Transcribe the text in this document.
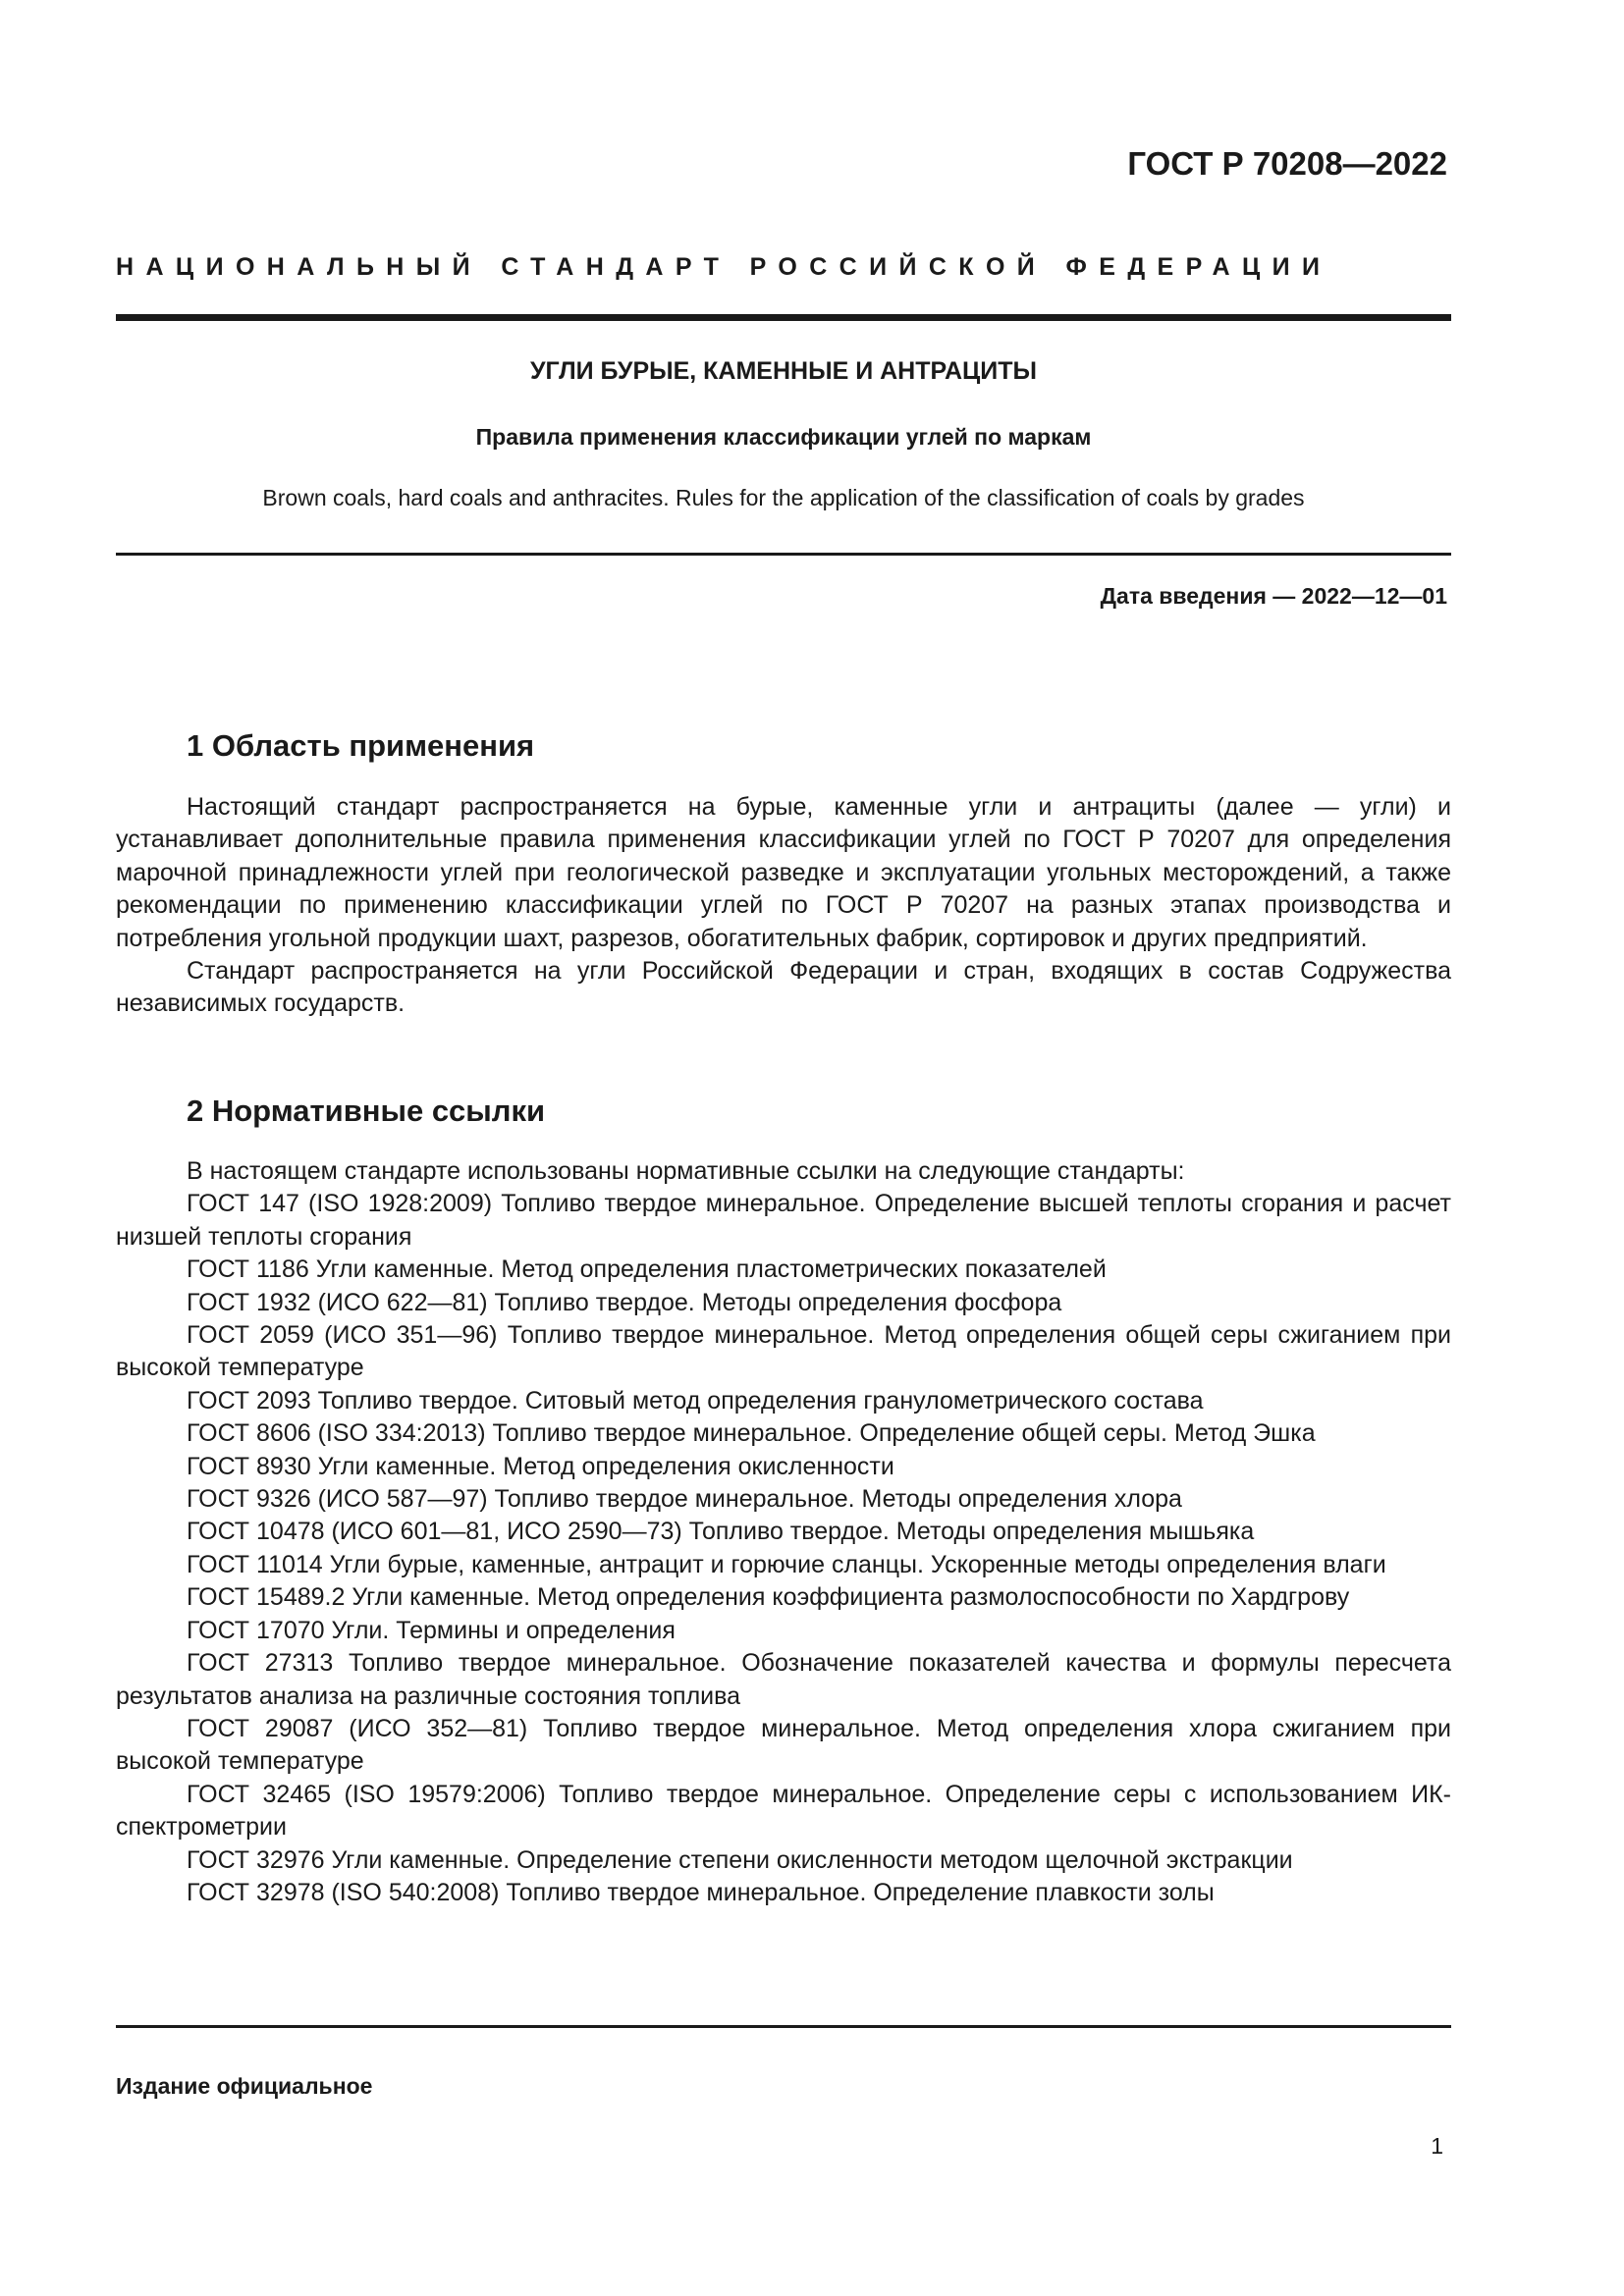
ГОСТ Р 70208—2022
НАЦИОНАЛЬНЫЙ СТАНДАРТ РОССИЙСКОЙ ФЕДЕРАЦИИ
УГЛИ БУРЫЕ, КАМЕННЫЕ И АНТРАЦИТЫ
Правила применения классификации углей по маркам
Brown coals, hard coals and anthracites. Rules for the application of the classification of coals by grades
Дата введения — 2022—12—01
1 Область применения

Настоящий стандарт распространяется на бурые, каменные угли и антрациты (далее — угли) и устанавливает дополнительные правила применения классификации углей по ГОСТ Р 70207 для определения марочной принадлежности углей при геологической разведке и эксплуатации угольных месторождений, а также рекомендации по применению классификации углей по ГОСТ Р 70207 на разных этапах производства и потребления угольной продукции шахт, разрезов, обогатительных фабрик, сортировок и других предприятий.

Стандарт распространяется на угли Российской Федерации и стран, входящих в состав Содружества независимых государств.

2 Нормативные ссылки

В настоящем стандарте использованы нормативные ссылки на следующие стандарты:

ГОСТ 147 (ISO 1928:2009) Топливо твердое минеральное. Определение высшей теплоты сгорания и расчет низшей теплоты сгорания

ГОСТ 1186 Угли каменные. Метод определения пластометрических показателей

ГОСТ 1932 (ИСО 622—81) Топливо твердое. Методы определения фосфора

ГОСТ 2059 (ИСО 351—96) Топливо твердое минеральное. Метод определения общей серы сжиганием при высокой температуре

ГОСТ 2093 Топливо твердое. Ситовый метод определения гранулометрического состава

ГОСТ 8606 (ISO 334:2013) Топливо твердое минеральное. Определение общей серы. Метод Эшка

ГОСТ 8930 Угли каменные. Метод определения окисленности

ГОСТ 9326 (ИСО 587—97) Топливо твердое минеральное. Методы определения хлора

ГОСТ 10478 (ИСО 601—81, ИСО 2590—73) Топливо твердое. Методы определения мышьяка

ГОСТ 11014 Угли бурые, каменные, антрацит и горючие сланцы. Ускоренные методы определения влаги

ГОСТ 15489.2 Угли каменные. Метод определения коэффициента размолоспособности по Хардгрову

ГОСТ 17070 Угли. Термины и определения

ГОСТ 27313 Топливо твердое минеральное. Обозначение показателей качества и формулы пересчета результатов анализа на различные состояния топлива

ГОСТ 29087 (ИСО 352—81) Топливо твердое минеральное. Метод определения хлора сжиганием при высокой температуре

ГОСТ 32465 (ISO 19579:2006) Топливо твердое минеральное. Определение серы с использованием ИК-спектрометрии

ГОСТ 32976 Угли каменные. Определение степени окисленности методом щелочной экстракции

ГОСТ 32978 (ISO 540:2008) Топливо твердое минеральное. Определение плавкости золы

Издание официальное
1
